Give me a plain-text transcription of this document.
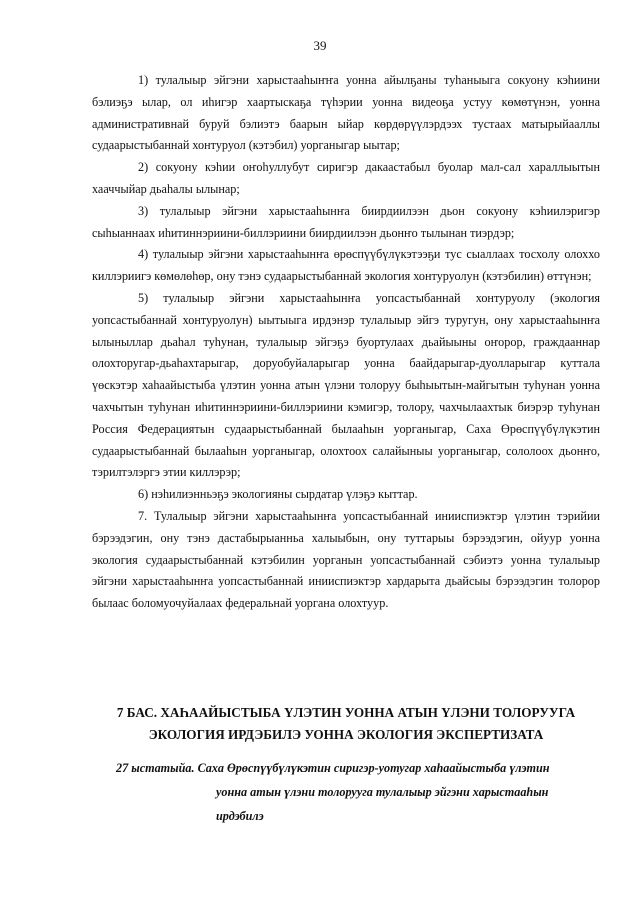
39

1) тулалыыр эйгэни харыстааһыҥҥа уонна айылҕаны туһаныыга сокуону кэһиини бэлиэҕэ ылар, ол иһигэр хаартыскаҕа түһэрии уонна видеоҕа устуу көмөтүнэн, уонна административнай буруй бэлиэтэ баарын ыйар көрдөрүүлэрдээх тустаах матырыйааллы судаарыстыбаннай хонтуруол (кэтэбил) уорганыгар ыытар;

2) сокуону кэһии оҥоһуллубут сиригэр дакаастабыл буолар мал-сал хараллыытын хааччыйар дьаһалы ылынар;

3) тулалыыр эйгэни харыстааһынҥа биирдиилээн дьон сокуону кэһиилэригэр сыһыаннаах иһитиннэриини-биллэриини биирдиилээн дьонҥо тылынан тиэрдэр;

4) тулалыыр эйгэни харыстааһынҥа өрөспүүбүлүкэтээҕи тус сыаллаах тосхолу олоххо киллэриигэ көмөлөһөр, ону тэнэ судаарыстыбаннай экология хонтуруолун (кэтэбилин) өттүнэн;

5) тулалыыр эйгэни харыстааһынҥа уопсастыбаннай хонтуруолу (экология уопсастыбаннай хонтуруолун) ыытыыга ирдэнэр тулалыыр эйгэ туругун, ону харыстааһынҥа ылыныллар дьаһал туһунан, тулалыыр эйгэҕэ буортулаах дьайыыны оҥорор, граждааннар олохторугар-дьаһахтарыгар, доруобуйаларыгар уонна баайдарыгар-дуолларыгар куттала үөскэтэр хаһаайыстыба үлэтин уонна атын үлэни толоруу быһыытын-майгытын туһунан уонна чахчытын туһунан иһитиннэриини-биллэриини кэмигэр, толору, чахчылаахтык биэрэр туһунан Россия Федерациятын судаарыстыбаннай былааһын уорганыгар, Саха Өрөспүүбүлүкэтин судаарыстыбаннай былааһын уорганыгар, олохтоох салайыныы уорганыгар, сололоох дьонҥо, тэрилтэлэргэ этии киллэрэр;

6) нэһилиэнньэҕэ экологияны сырдатар үлэҕэ кыттар.

7. Тулалыыр эйгэни харыстааһынҥа уопсастыбаннай инииспиэктэр үлэтин тэрийии бэрээдэгин, ону тэнэ дастабырыанньа халыыбын, ону туттарыы бэрээдэгин, ойуур уонна экология судаарыстыбаннай кэтэбилин уорганын уопсастыбаннай сэбиэтэ уонна тулалыыр эйгэни харыстааһынҥа уопсастыбаннай инииспиэктэр хардарыта дьайсыы бэрээдэгин толорор былаас боломуочуйалаах федеральнай уоргана олохтуур.

7 БАС. ХАҺААЙЫСТЫБА ҮЛЭТИН УОННА АТЫН ҮЛЭНИ ТОЛОРУУГА
ЭКОЛОГИЯ ИРДЭБИЛЭ УОННА ЭКОЛОГИЯ ЭКСПЕРТИЗАТА
27 ыстатыйа. Саха Өрөспүүбүлүкэтин сиригэр-уотугар хаһаайыстыба үлэтин
уонна атын үлэни толорууга тулалыыр эйгэни харыстааһын
ирдэбилэ
